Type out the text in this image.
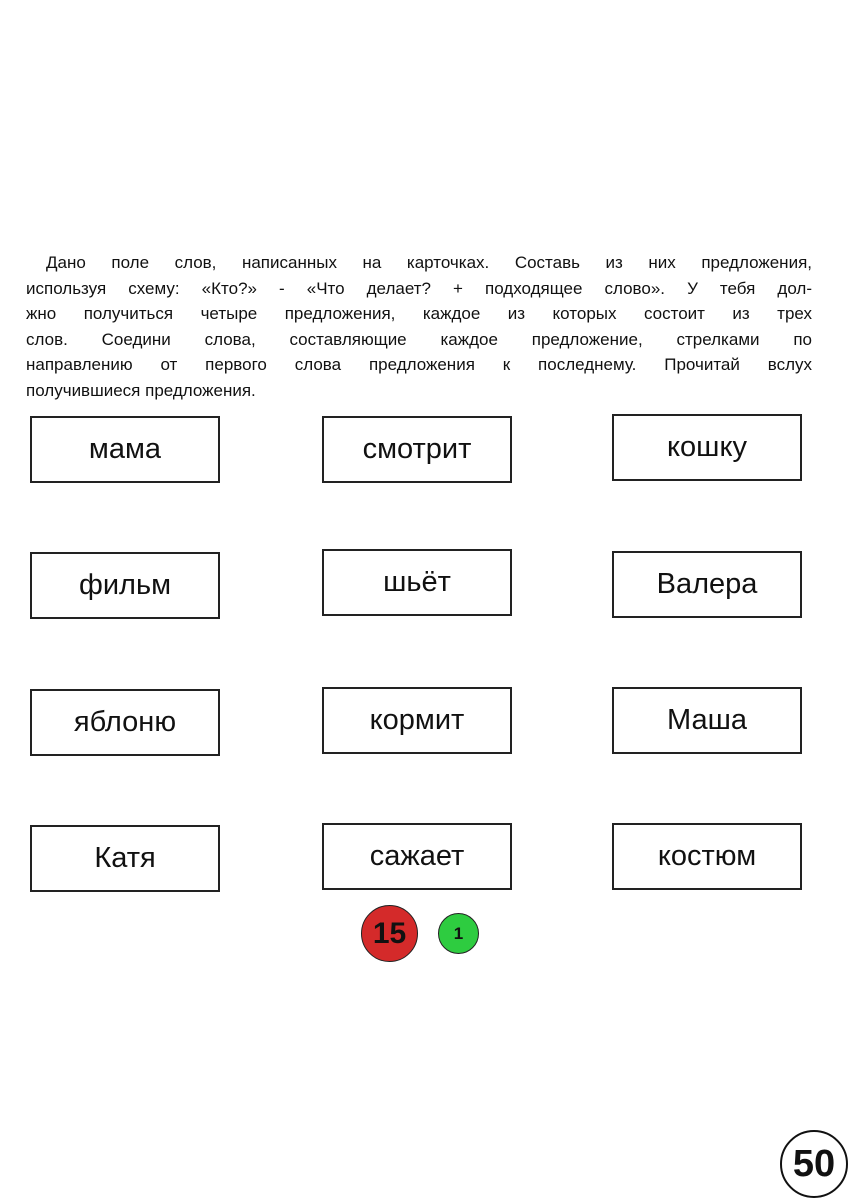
Дано поле слов, написанных на карточках. Составь из них предложения,
используя схему: «Кто?» - «Что делает? + подходящее слово». У тебя дол-
жно получиться четыре предложения, каждое из которых состоит из трех
слов. Соедини слова, составляющие каждое предложение, стрелками по
направлению от первого слова предложения к последнему. Прочитай вслух
получившиеся предложения.
мама	смотрит	кошку
фильм	шьёт	Валера
яблоню	кормит	Маша
Катя	сажает	костюм
15	1
50
